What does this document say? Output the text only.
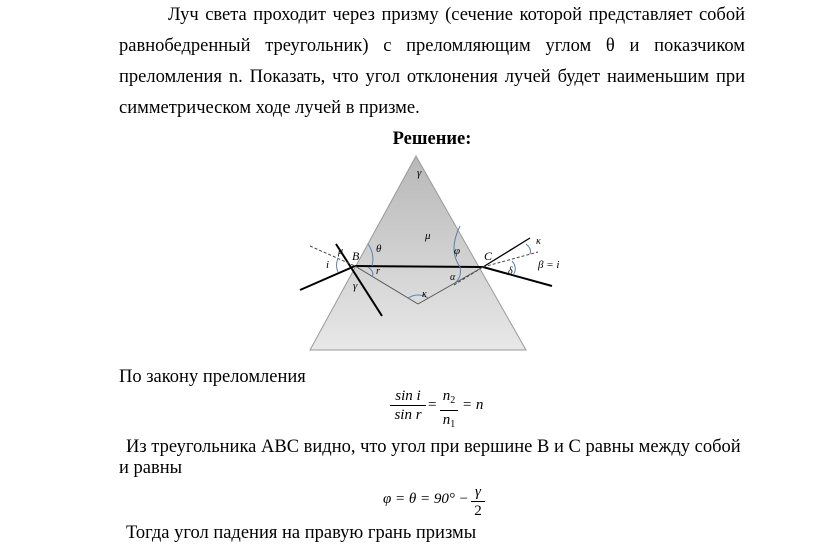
Луч света проходит через призму (сечение которой представляет собой равнобедренный треугольник) с преломляющим углом θ и показчиком преломления n. Показать, что угол отклонения лучей будет наименьшим при симметрическом ходе лучей в призме.

Решение:
γ
μ
θ	φ
μ B	C
i
r
α
γ
κ
κ
δ
β = i
По закону преломления
sin i
sin r
=
$n_2$
$n_1$
= n
Из треугольника ABC видно, что угол при вершине B и C равны между собой
и равны
φ = θ = 90° − γ
2
Тогда угол падения на правую грань призмы
